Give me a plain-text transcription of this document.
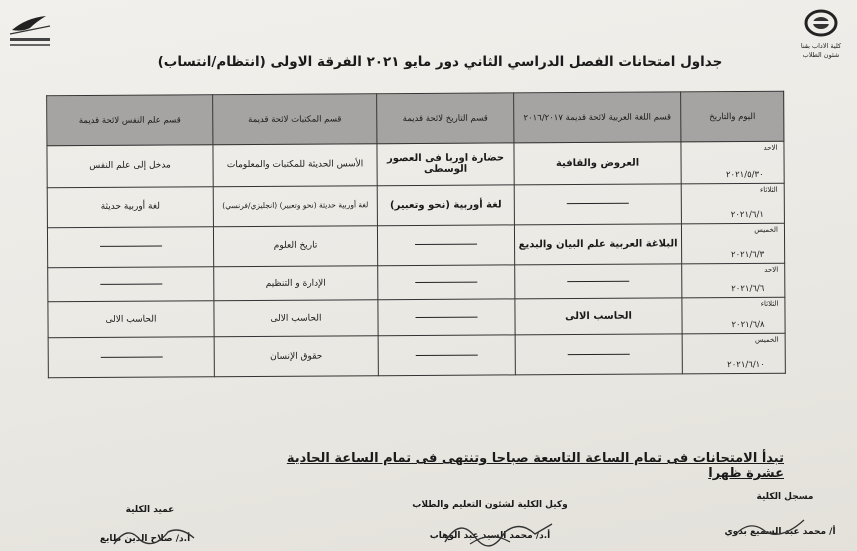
كلية الاداب بقنا
شئون الطلاب
جداول امتحانات الفصل الدراسي الثاني دور مايو ٢٠٢١ الفرقة الاولى (انتظام/انتساب)
اليوم والتاريخ	قسم اللغة العربية لائحة قديمة ٢٠١٦/٢٠١٧	قسم التاريخ لائحة قديمة	قسم المكتبات لائحة قديمة	قسم علم النفس لائحة قديمة

الاحد
٢٠٢١/٥/٣٠	العروض والقافية	حضارة اوربا فى العصور الوسطى	الأسس الحديثة للمكتبات والمعلومات	مدخل إلى علم النفس

الثلاثاء
٢٠٢١/٦/١		لغة أوربية (نحو وتعبير)	لغة أوربية حديثة (نحو وتعبير) (انجليزي/فرنسي)	لغة أوربية حديثة

الخميس
٢٠٢١/٦/٣	البلاغة العربية علم البيان والبديع		تاريخ العلوم	

الاحد
٢٠٢١/٦/٦			الإدارة و التنظيم	

الثلاثاء
٢٠٢١/٦/٨	الحاسب الالى		الحاسب الالى	الحاسب الالى

الخميس
٢٠٢١/٦/١٠			حقوق الإنسان	
تبدأ الامتحانات فى تمام الساعة التاسعة صباحا وتنتهى فى تمام الساعة الحادية عشرة ظهرا
مسجل الكلية
أ/ محمد عبد السميع بدوي
وكيل الكلية لشئون التعليم والطلاب
أ.د/ محمد السيد عبد الوهاب
عميد الكلية
أ.د/ صلاح الدين طايع
